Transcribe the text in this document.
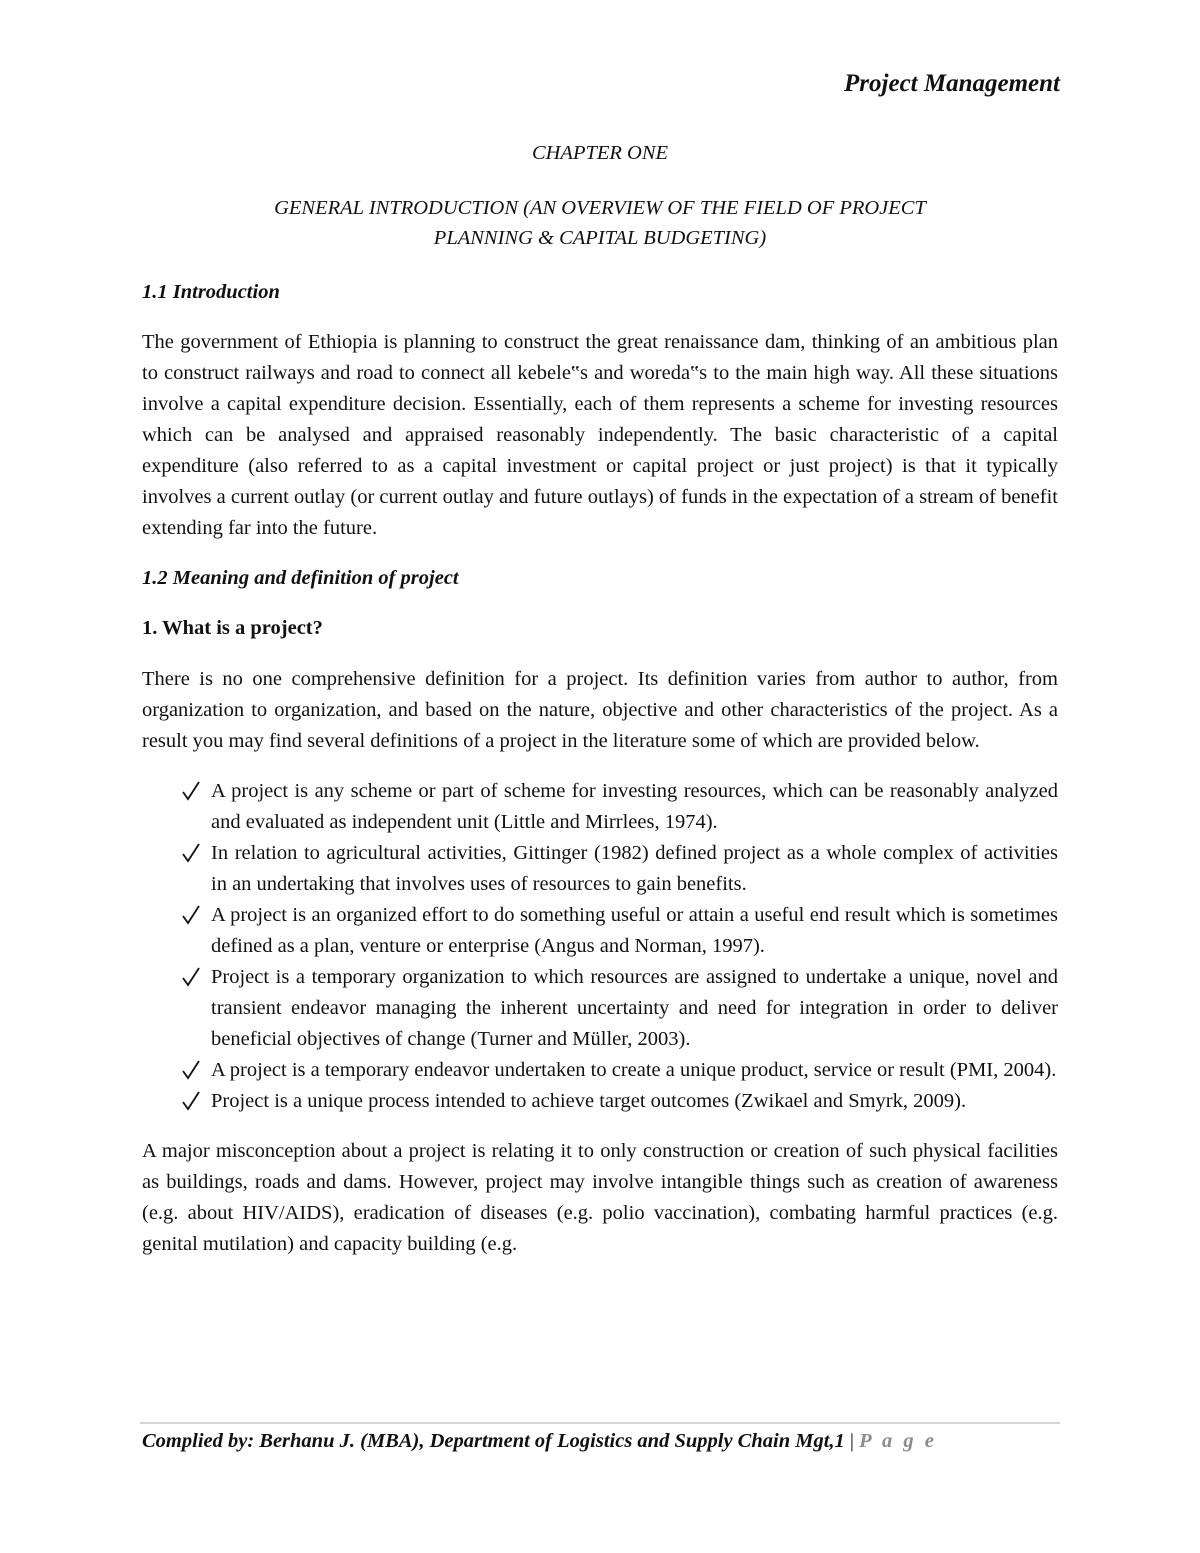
Project Management

CHAPTER ONE

GENERAL INTRODUCTION (AN OVERVIEW OF THE FIELD OF PROJECT
PLANNING & CAPITAL BUDGETING)

1.1 Introduction

The government of Ethiopia is planning to construct the great renaissance dam, thinking of an ambitious plan to construct railways and road to connect all kebele‟s and woreda‟s to the main high way. All these situations involve a capital expenditure decision. Essentially, each of them represents a scheme for investing resources which can be analysed and appraised reasonably independently. The basic characteristic of a capital expenditure (also referred to as a capital investment or capital project or just project) is that it typically involves a current outlay (or current outlay and future outlays) of funds in the expectation of a stream of benefit extending far into the future.

1.2 Meaning and definition of project

1. What is a project?

There is no one comprehensive definition for a project. Its definition varies from author to author, from organization to organization, and based on the nature, objective and other characteristics of the project. As a result you may find several definitions of a project in the literature some of which are provided below.

A project is any scheme or part of scheme for investing resources, which can be reasonably analyzed and evaluated as independent unit (Little and Mirrlees, 1974).
In relation to agricultural activities, Gittinger (1982) defined project as a whole complex of activities in an undertaking that involves uses of resources to gain benefits.
A project is an organized effort to do something useful or attain a useful end result which is sometimes defined as a plan, venture or enterprise (Angus and Norman, 1997).
Project is a temporary organization to which resources are assigned to undertake a unique, novel and transient endeavor managing the inherent uncertainty and need for integration in order to deliver beneficial objectives of change (Turner and Müller, 2003).
A project is a temporary endeavor undertaken to create a unique product, service or result (PMI, 2004).
Project is a unique process intended to achieve target outcomes (Zwikael and Smyrk, 2009).

A major misconception about a project is relating it to only construction or creation of such physical facilities as buildings, roads and dams. However, project may involve intangible things such as creation of awareness (e.g. about HIV/AIDS), eradication of diseases (e.g. polio vaccination), combating harmful practices (e.g. genital mutilation) and capacity building (e.g.

Complied by: Berhanu J. (MBA), Department of Logistics and Supply Chain Mgt,1 | P a g e
